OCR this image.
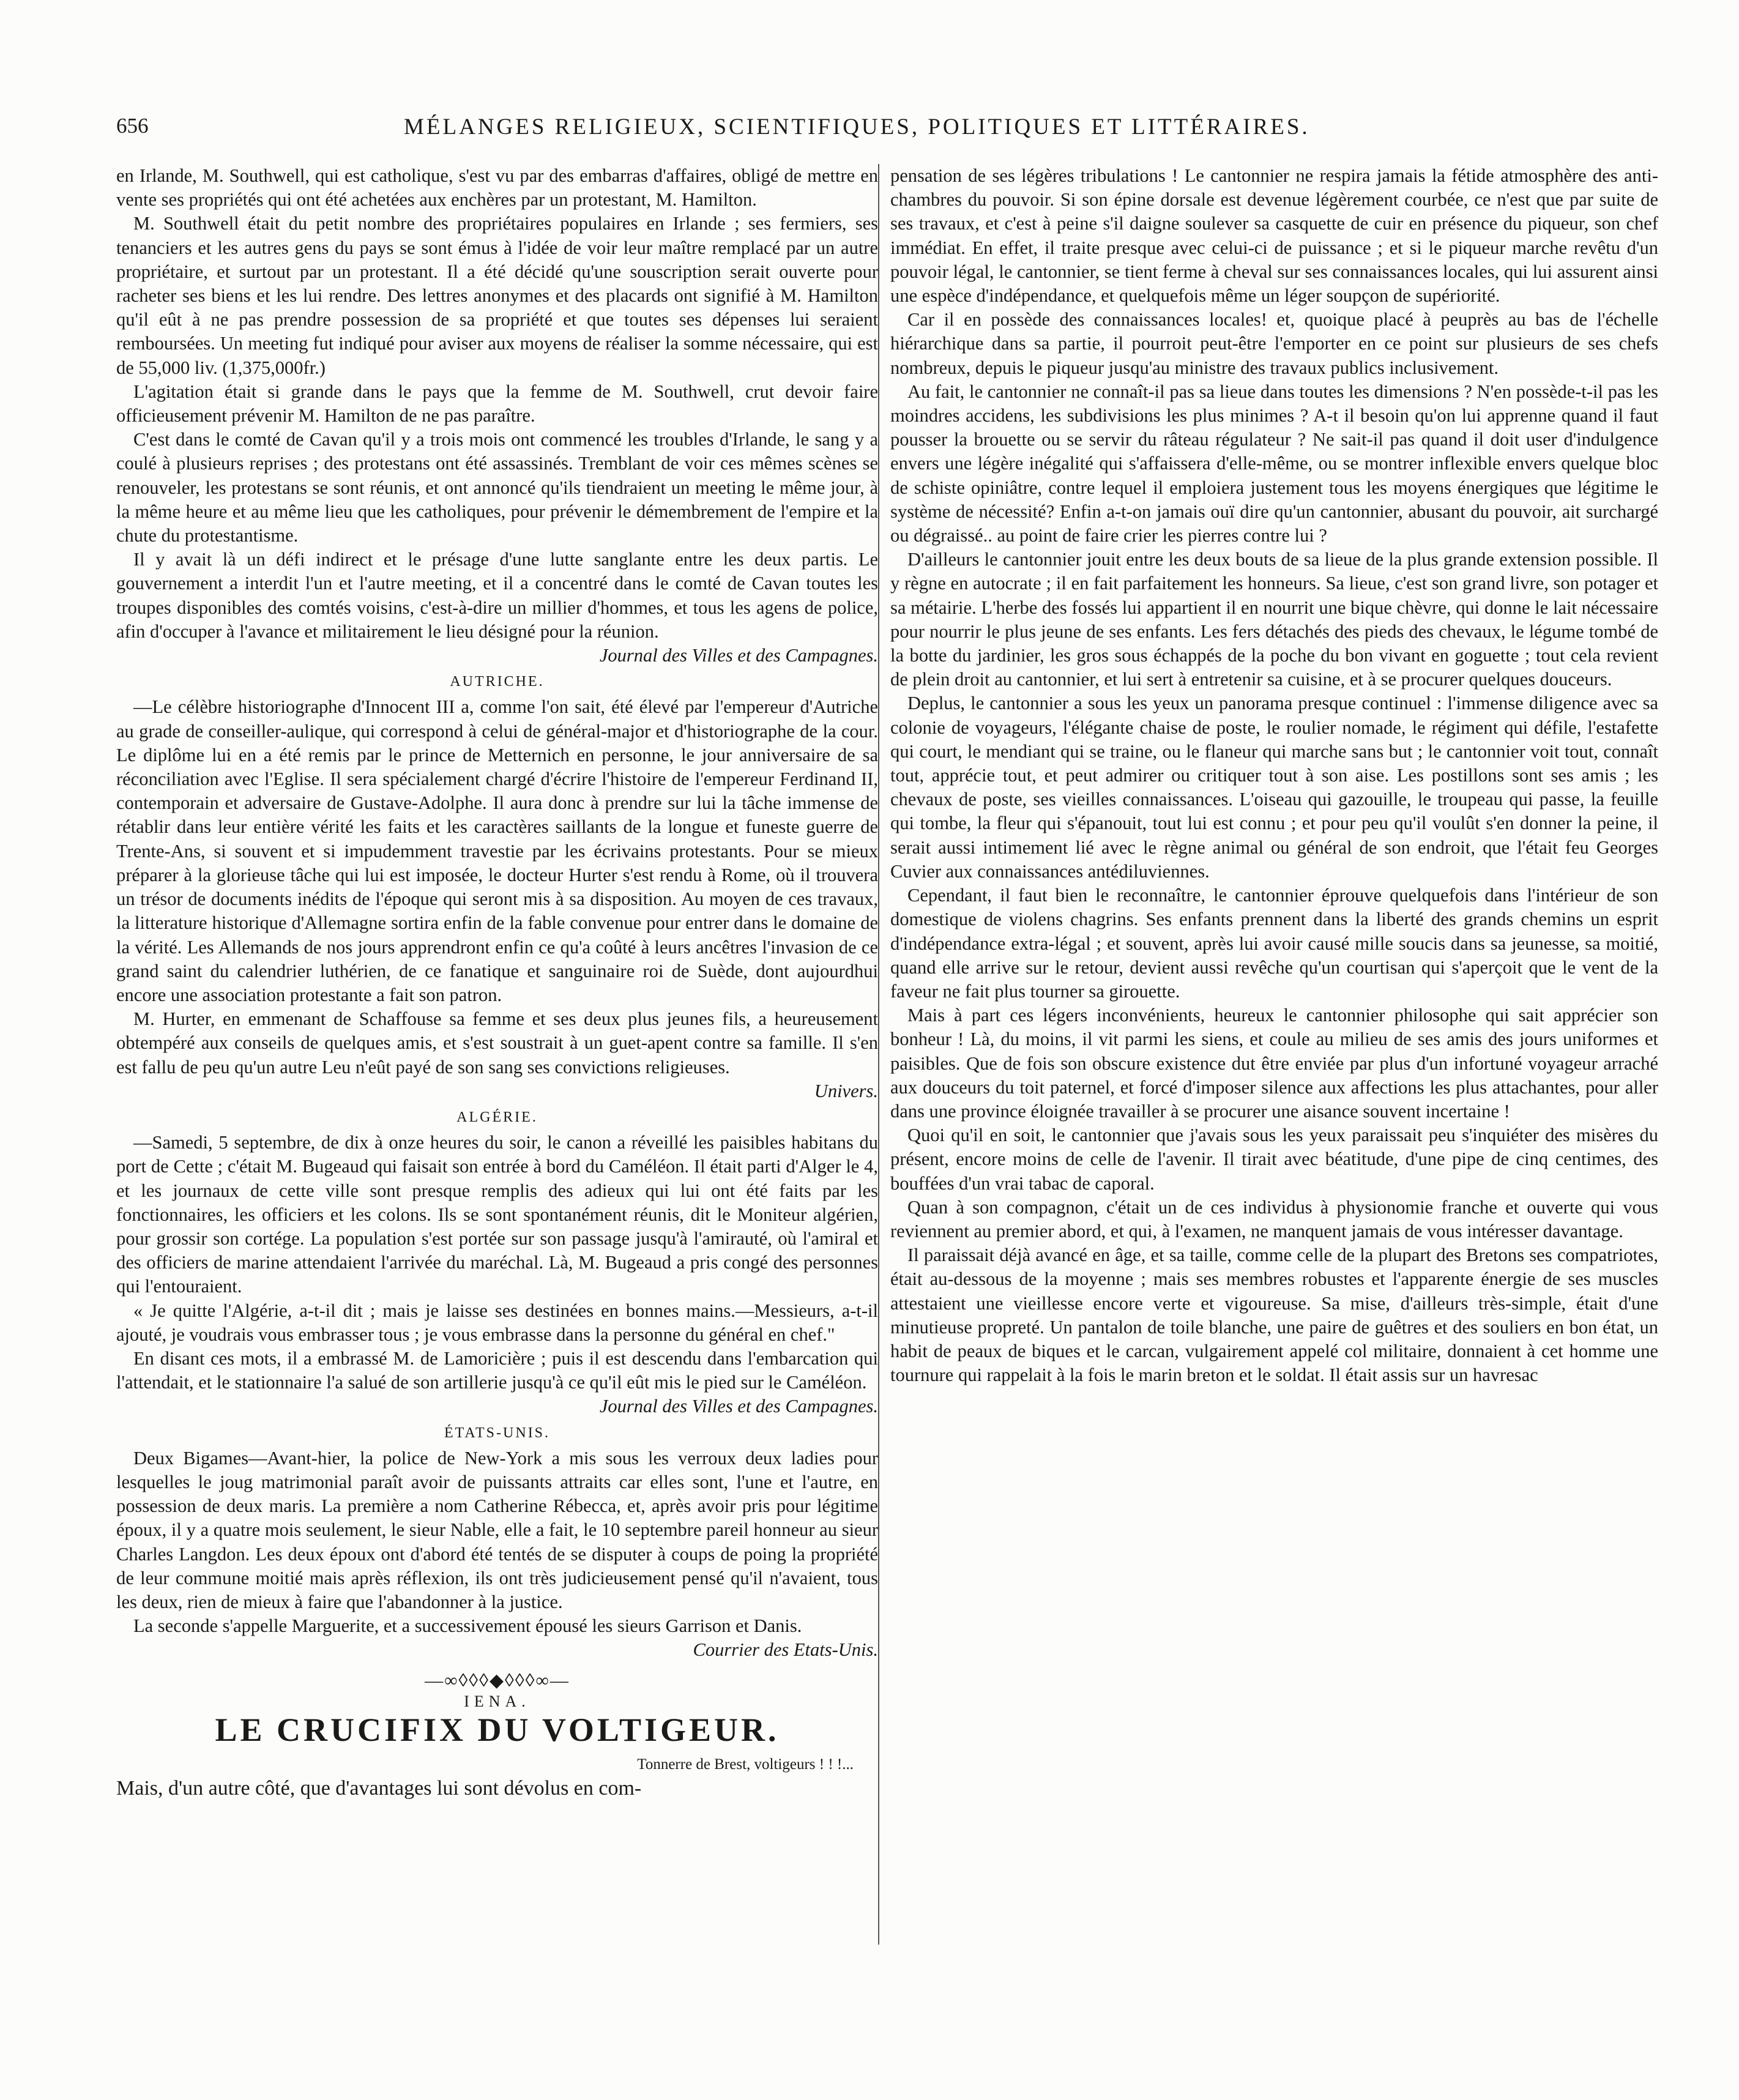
656	MÉLANGES RELIGIEUX, SCIENTIFIQUES, POLITIQUES ET LITTÉRAIRES.

en Irlande, M. Southwell, qui est catholique, s'est vu par des embarras d'affaires, obligé de mettre en vente ses propriétés qui ont été achetées aux enchères par un protestant, M. Hamilton.

M. Southwell était du petit nombre des propriétaires populaires en Irlande ; ses fermiers, ses tenanciers et les autres gens du pays se sont émus à l'idée de voir leur maître remplacé par un autre propriétaire, et surtout par un protestant. Il a été décidé qu'une souscription serait ouverte pour racheter ses biens et les lui rendre. Des lettres anonymes et des placards ont signifié à M. Hamilton qu'il eût à ne pas prendre possession de sa propriété et que toutes ses dépenses lui seraient remboursées. Un meeting fut indiqué pour aviser aux moyens de réaliser la somme nécessaire, qui est de 55,000 liv. (1,375,000fr.)

L'agitation était si grande dans le pays que la femme de M. Southwell, crut devoir faire officieusement prévenir M. Hamilton de ne pas paraître.

C'est dans le comté de Cavan qu'il y a trois mois ont commencé les troubles d'Irlande, le sang y a coulé à plusieurs reprises ; des protestans ont été assassinés. Tremblant de voir ces mêmes scènes se renouveler, les protestans se sont réunis, et ont annoncé qu'ils tiendraient un meeting le même jour, à la même heure et au même lieu que les catholiques, pour prévenir le démembrement de l'empire et la chute du protestantisme.

Il y avait là un défi indirect et le présage d'une lutte sanglante entre les deux partis. Le gouvernement a interdit l'un et l'autre meeting, et il a concentré dans le comté de Cavan toutes les troupes disponibles des comtés voisins, c'est-à-dire un millier d'hommes, et tous les agens de police, afin d'occuper à l'avance et militairement le lieu désigné pour la réunion.

Journal des Villes et des Campagnes.

AUTRICHE.

—Le célèbre historiographe d'Innocent III a, comme l'on sait, été élevé par l'empereur d'Autriche au grade de conseiller-aulique, qui correspond à celui de général-major et d'historiographe de la cour. Le diplôme lui en a été remis par le prince de Metternich en personne, le jour anniversaire de sa réconciliation avec l'Eglise. Il sera spécialement chargé d'écrire l'histoire de l'empereur Ferdinand II, contemporain et adversaire de Gustave-Adolphe. Il aura donc à prendre sur lui la tâche immense de rétablir dans leur entière vérité les faits et les caractères saillants de la longue et funeste guerre de Trente-Ans, si souvent et si impudemment travestie par les écrivains protestants. Pour se mieux préparer à la glorieuse tâche qui lui est imposée, le docteur Hurter s'est rendu à Rome, où il trouvera un trésor de documents inédits de l'époque qui seront mis à sa disposition. Au moyen de ces travaux, la litterature historique d'Allemagne sortira enfin de la fable convenue pour entrer dans le domaine de la vérité. Les Allemands de nos jours apprendront enfin ce qu'a coûté à leurs ancêtres l'invasion de ce grand saint du calendrier luthérien, de ce fanatique et sanguinaire roi de Suède, dont aujourdhui encore une association protestante a fait son patron.

M. Hurter, en emmenant de Schaffouse sa femme et ses deux plus jeunes fils, a heureusement obtempéré aux conseils de quelques amis, et s'est soustrait à un guet-apent contre sa famille. Il s'en est fallu de peu qu'un autre Leu n'eût payé de son sang ses convictions religieuses.

Univers.

ALGÉRIE.

—Samedi, 5 septembre, de dix à onze heures du soir, le canon a réveillé les paisibles habitans du port de Cette ; c'était M. Bugeaud qui faisait son entrée à bord du Caméléon. Il était parti d'Alger le 4, et les journaux de cette ville sont presque remplis des adieux qui lui ont été faits par les fonctionnaires, les officiers et les colons. Ils se sont spontanément réunis, dit le Moniteur algérien, pour grossir son cortége. La population s'est portée sur son passage jusqu'à l'amirauté, où l'amiral et des officiers de marine attendaient l'arrivée du maréchal. Là, M. Bugeaud a pris congé des personnes qui l'entouraient.

« Je quitte l'Algérie, a-t-il dit ; mais je laisse ses destinées en bonnes mains.—Messieurs, a-t-il ajouté, je voudrais vous embrasser tous ; je vous embrasse dans la personne du général en chef."

En disant ces mots, il a embrassé M. de Lamoricière ; puis il est descendu dans l'embarcation qui l'attendait, et le stationnaire l'a salué de son artillerie jusqu'à ce qu'il eût mis le pied sur le Caméléon.

Journal des Villes et des Campagnes.

ÉTATS-UNIS.

Deux Bigames—Avant-hier, la police de New-York a mis sous les verroux deux ladies pour lesquelles le joug matrimonial paraît avoir de puissants attraits car elles sont, l'une et l'autre, en possession de deux maris. La première a nom Catherine Rébecca, et, après avoir pris pour légitime époux, il y a quatre mois seulement, le sieur Nable, elle a fait, le 10 septembre pareil honneur au sieur Charles Langdon. Les deux époux ont d'abord été tentés de se disputer à coups de poing la propriété de leur commune moitié mais après réflexion, ils ont très judicieusement pensé qu'il n'avaient, tous les deux, rien de mieux à faire que l'abandonner à la justice.

La seconde s'appelle Marguerite, et a successivement épousé les sieurs Garrison et Danis.

Courrier des Etats-Unis.

—∞◊◊◊◆◊◊◊∞—

IENA.

LE CRUCIFIX DU VOLTIGEUR.

Tonnerre de Brest, voltigeurs ! ! !...

Mais, d'un autre côté, que d'avantages lui sont dévolus en com-

pensation de ses légères tribulations ! Le cantonnier ne respira jamais la fétide atmosphère des anti-chambres du pouvoir. Si son épine dorsale est devenue légèrement courbée, ce n'est que par suite de ses travaux, et c'est à peine s'il daigne soulever sa casquette de cuir en présence du piqueur, son chef immédiat. En effet, il traite presque avec celui-ci de puissance ; et si le piqueur marche revêtu d'un pouvoir légal, le cantonnier, se tient ferme à cheval sur ses connaissances locales, qui lui assurent ainsi une espèce d'indépendance, et quelquefois même un léger soupçon de supériorité.

Car il en possède des connaissances locales! et, quoique placé à peuprès au bas de l'échelle hiérarchique dans sa partie, il pourroit peut-être l'emporter en ce point sur plusieurs de ses chefs nombreux, depuis le piqueur jusqu'au ministre des travaux publics inclusivement.

Au fait, le cantonnier ne connaît-il pas sa lieue dans toutes les dimensions ? N'en possède-t-il pas les moindres accidens, les subdivisions les plus minimes ? A-t il besoin qu'on lui apprenne quand il faut pousser la brouette ou se servir du râteau régulateur ? Ne sait-il pas quand il doit user d'indulgence envers une légère inégalité qui s'affaissera d'elle-même, ou se montrer inflexible envers quelque bloc de schiste opiniâtre, contre lequel il emploiera justement tous les moyens énergiques que légitime le système de nécessité? Enfin a-t-on jamais ouï dire qu'un cantonnier, abusant du pouvoir, ait surchargé ou dégraissé.. au point de faire crier les pierres contre lui ?

D'ailleurs le cantonnier jouit entre les deux bouts de sa lieue de la plus grande extension possible. Il y règne en autocrate ; il en fait parfaitement les honneurs. Sa lieue, c'est son grand livre, son potager et sa métairie. L'herbe des fossés lui appartient il en nourrit une bique chèvre, qui donne le lait nécessaire pour nourrir le plus jeune de ses enfants. Les fers détachés des pieds des chevaux, le légume tombé de la botte du jardinier, les gros sous échappés de la poche du bon vivant en goguette ; tout cela revient de plein droit au cantonnier, et lui sert à entretenir sa cuisine, et à se procurer quelques douceurs.

Deplus, le cantonnier a sous les yeux un panorama presque continuel : l'immense diligence avec sa colonie de voyageurs, l'élégante chaise de poste, le roulier nomade, le régiment qui défile, l'estafette qui court, le mendiant qui se traine, ou le flaneur qui marche sans but ; le cantonnier voit tout, connaît tout, apprécie tout, et peut admirer ou critiquer tout à son aise. Les postillons sont ses amis ; les chevaux de poste, ses vieilles connaissances. L'oiseau qui gazouille, le troupeau qui passe, la feuille qui tombe, la fleur qui s'épanouit, tout lui est connu ; et pour peu qu'il voulût s'en donner la peine, il serait aussi intimement lié avec le règne animal ou général de son endroit, que l'était feu Georges Cuvier aux connaissances antédiluviennes.

Cependant, il faut bien le reconnaître, le cantonnier éprouve quelquefois dans l'intérieur de son domestique de violens chagrins. Ses enfants prennent dans la liberté des grands chemins un esprit d'indépendance extra-légal ; et souvent, après lui avoir causé mille soucis dans sa jeunesse, sa moitié, quand elle arrive sur le retour, devient aussi revêche qu'un courtisan qui s'aperçoit que le vent de la faveur ne fait plus tourner sa girouette.

Mais à part ces légers inconvénients, heureux le cantonnier philosophe qui sait apprécier son bonheur ! Là, du moins, il vit parmi les siens, et coule au milieu de ses amis des jours uniformes et paisibles. Que de fois son obscure existence dut être enviée par plus d'un infortuné voyageur arraché aux douceurs du toit paternel, et forcé d'imposer silence aux affections les plus attachantes, pour aller dans une province éloignée travailler à se procurer une aisance souvent incertaine !

Quoi qu'il en soit, le cantonnier que j'avais sous les yeux paraissait peu s'inquiéter des misères du présent, encore moins de celle de l'avenir. Il tirait avec béatitude, d'une pipe de cinq centimes, des bouffées d'un vrai tabac de caporal.

Quan à son compagnon, c'était un de ces individus à physionomie franche et ouverte qui vous reviennent au premier abord, et qui, à l'examen, ne manquent jamais de vous intéresser davantage.

Il paraissait déjà avancé en âge, et sa taille, comme celle de la plupart des Bretons ses compatriotes, était au-dessous de la moyenne ; mais ses membres robustes et l'apparente énergie de ses muscles attestaient une vieillesse encore verte et vigoureuse. Sa mise, d'ailleurs très-simple, était d'une minutieuse propreté. Un pantalon de toile blanche, une paire de guêtres et des souliers en bon état, un habit de peaux de biques et le carcan, vulgairement appelé col militaire, donnaient à cet homme une tournure qui rappelait à la fois le marin breton et le soldat. Il était assis sur un havresac
